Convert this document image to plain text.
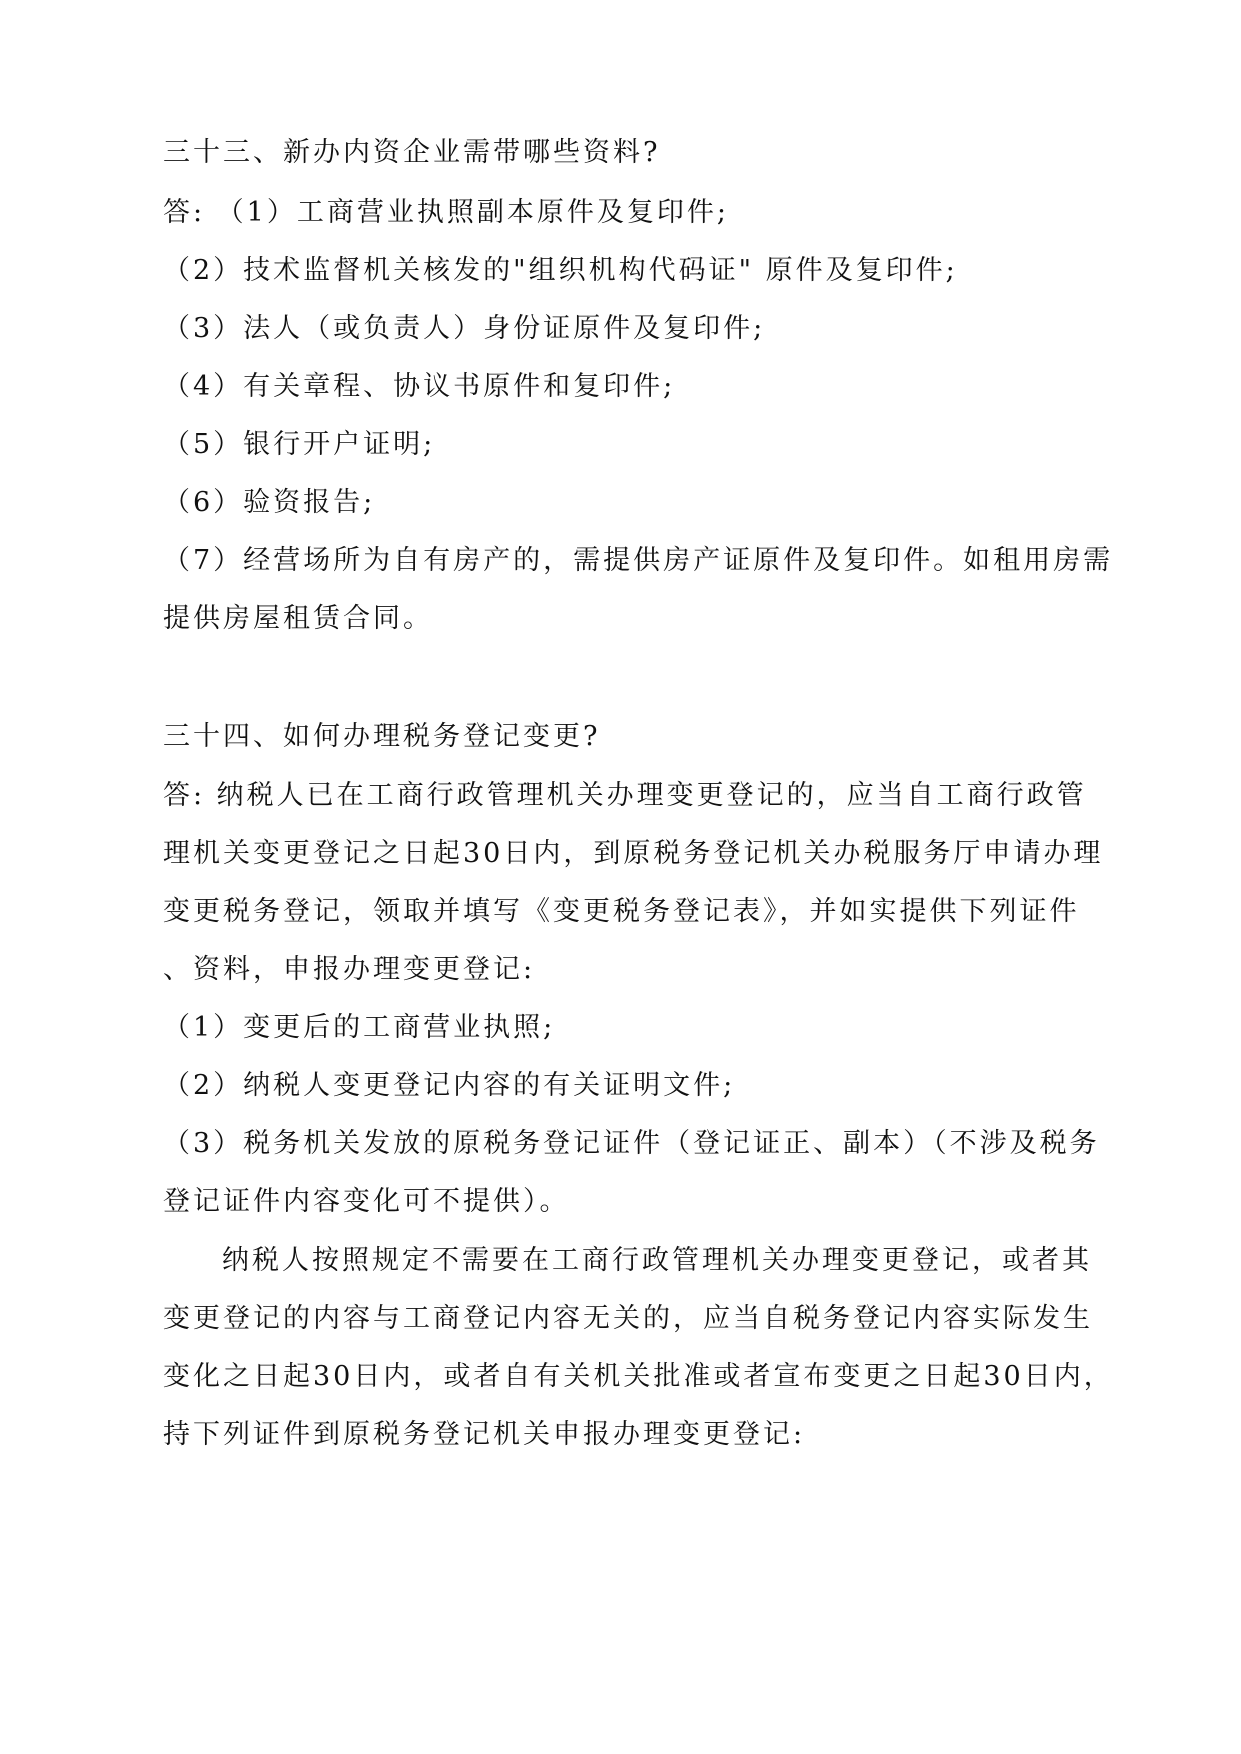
三十三、新办内资企业需带哪些资料?
答: （1）工商营业执照副本原件及复印件;
（2）技术监督机关核发的"组织机构代码证" 原件及复印件;
（3）法人（或负责人）身份证原件及复印件;
（4）有关章程、协议书原件和复印件;
（5）银行开户证明;
（6）验资报告;
（7）经营场所为自有房产的，需提供房产证原件及复印件。如租用房需
提供房屋租赁合同。
三十四、如何办理税务登记变更?
答: 纳税人已在工商行政管理机关办理变更登记的，应当自工商行政管
理机关变更登记之日起30日内，到原税务登记机关办税服务厅申请办理
变更税务登记，领取并填写《变更税务登记表》，并如实提供下列证件
、资料，申报办理变更登记:
（1）变更后的工商营业执照;
（2）纳税人变更登记内容的有关证明文件;
（3）税务机关发放的原税务登记证件（登记证正、副本）（不涉及税务
登记证件内容变化可不提供）。
纳税人按照规定不需要在工商行政管理机关办理变更登记，或者其
变更登记的内容与工商登记内容无关的，应当自税务登记内容实际发生
变化之日起30日内，或者自有关机关批准或者宣布变更之日起30日内，
持下列证件到原税务登记机关申报办理变更登记:
